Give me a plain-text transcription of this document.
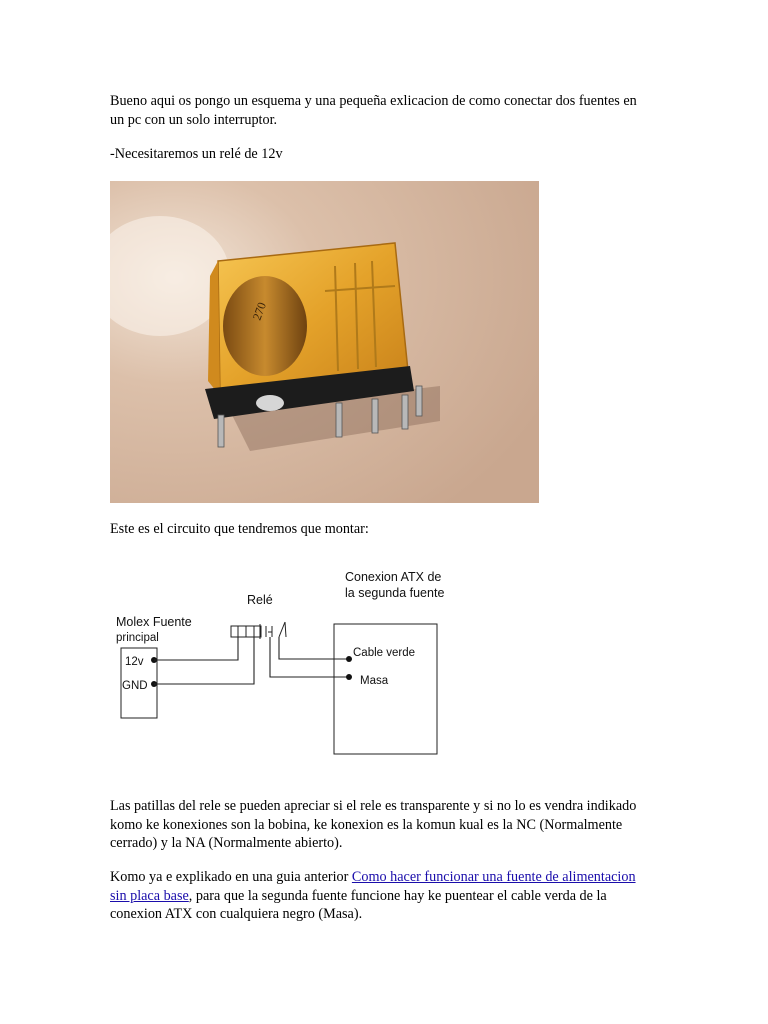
Bueno aqui os pongo un esquema y una pequeña exlicacion de como conectar dos fuentes en un pc con un solo interruptor.

-Necesitaremos un relé de 12v

270

Este es el circuito que tendremos que montar:

Relé
Conexion ATX de
la segunda fuente
Molex Fuente
principal
12v
GND
Cable verde
Masa

Las patillas del rele se pueden apreciar si el rele es transparente y si no lo es vendra indikado komo ke konexiones son la bobina, ke konexion es la komun kual es la NC (Normalmente cerrado) y la NA (Normalmente abierto).

Komo ya e explikado en una guia anterior Como hacer funcionar una fuente de alimentacion sin placa base, para que la segunda fuente funcione hay ke puentear el cable verda de la conexion ATX con cualquiera negro (Masa).
